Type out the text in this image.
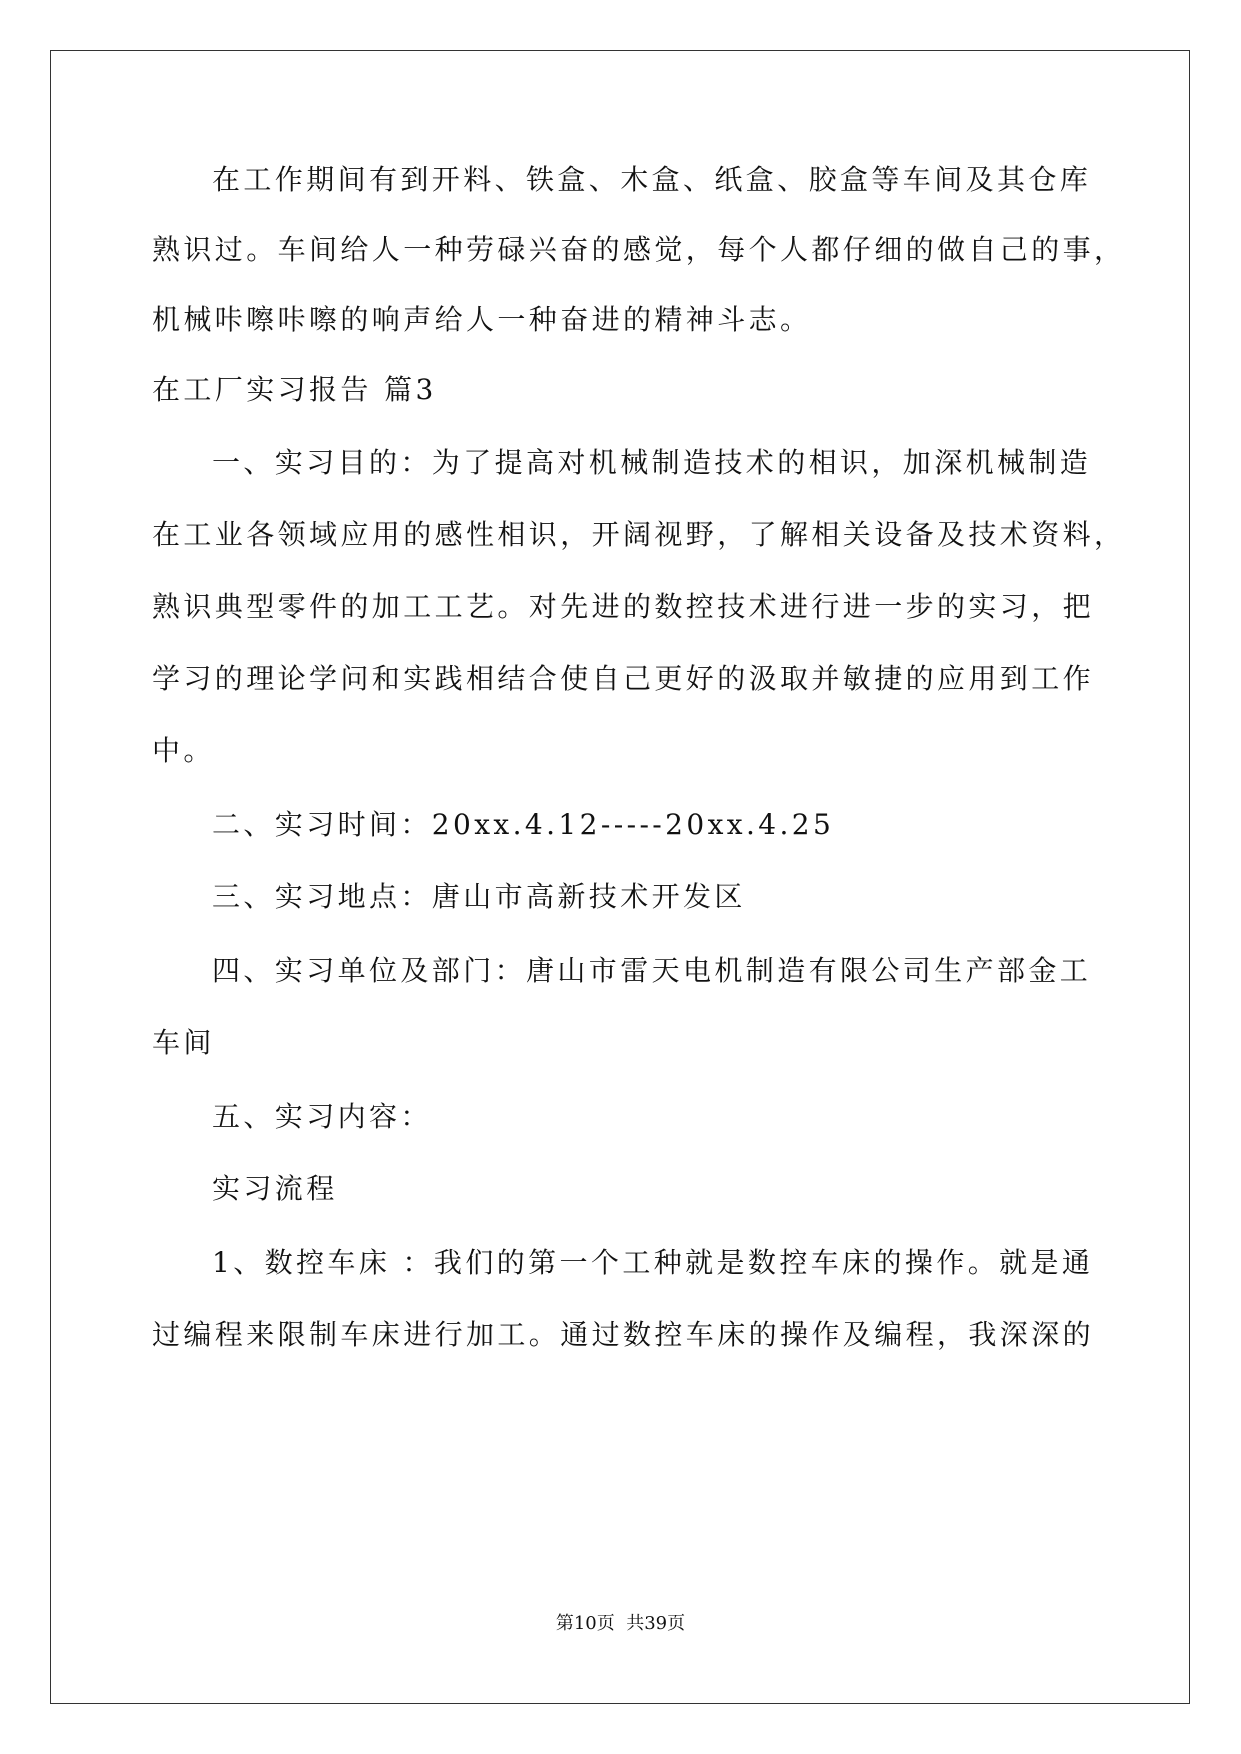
在工作期间有到开料、铁盒、木盒、纸盒、胶盒等车间及其仓库
熟识过。车间给人一种劳碌兴奋的感觉，每个人都仔细的做自己的事，
机械咔嚓咔嚓的响声给人一种奋进的精神斗志。
在工厂实习报告 篇3
一、实习目的：为了提高对机械制造技术的相识，加深机械制造
在工业各领域应用的感性相识，开阔视野，了解相关设备及技术资料，
熟识典型零件的加工工艺。对先进的数控技术进行进一步的实习，把
学习的理论学问和实践相结合使自己更好的汲取并敏捷的应用到工作
中。
二、实习时间：20xx.4.12-----20xx.4.25
三、实习地点：唐山市高新技术开发区
四、实习单位及部门：唐山市雷天电机制造有限公司生产部金工
车间
五、实习内容：
实习流程
1、数控车床 ：我们的第一个工种就是数控车床的操作。就是通
过编程来限制车床进行加工。通过数控车床的操作及编程，我深深的
第10页  共39页
